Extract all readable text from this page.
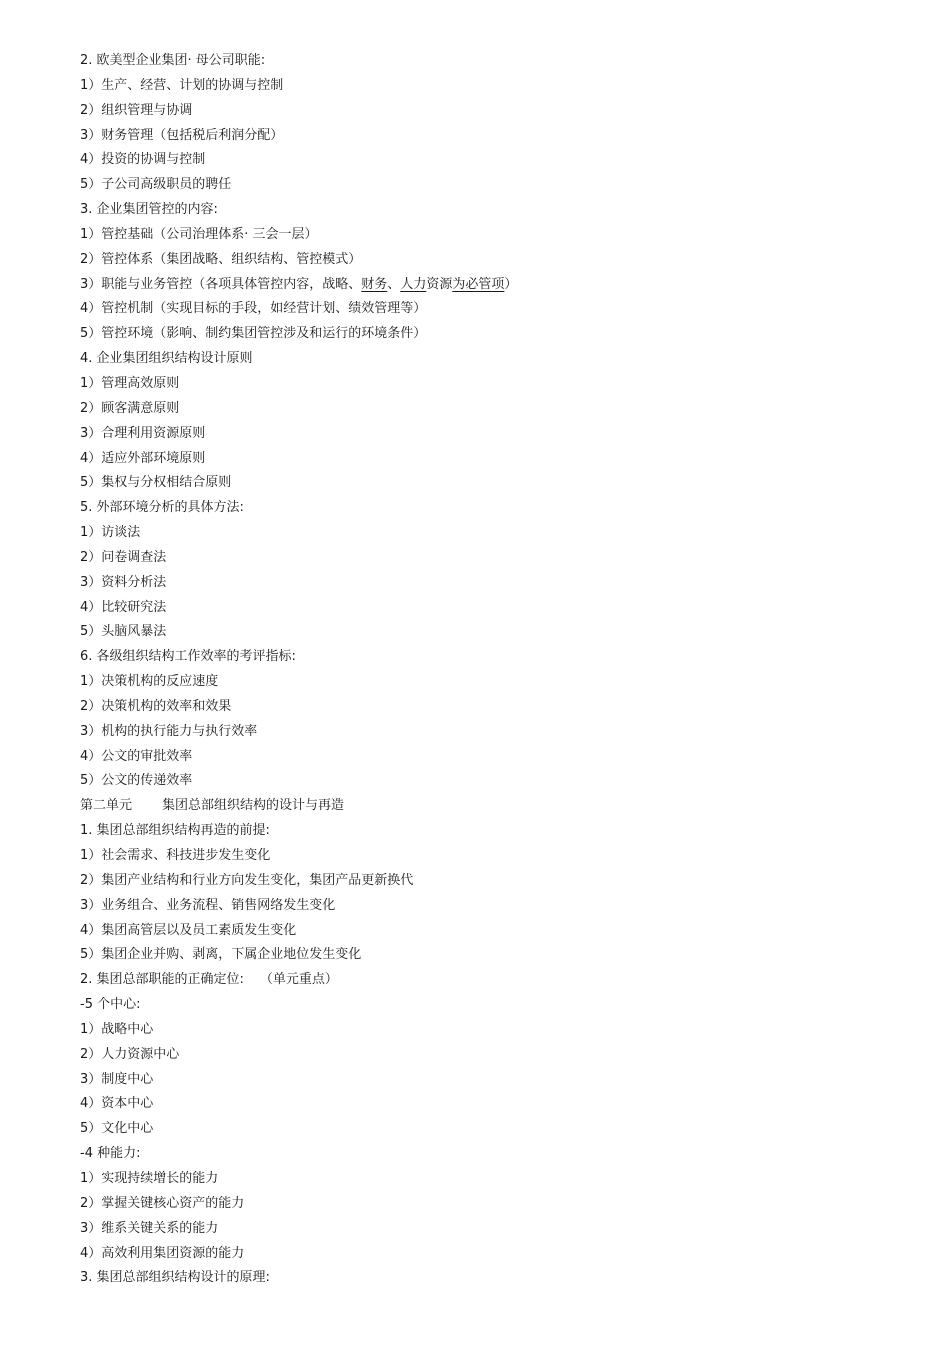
2. 欧美型企业集团· 母公司职能:
1）生产、经营、计划的协调与控制
2）组织管理与协调
3）财务管理（包括税后利润分配）
4）投资的协调与控制
5）子公司高级职员的聘任
3. 企业集团管控的内容:
1）管控基础（公司治理体系· 三会一层）
2）管控体系（集团战略、组织结构、管控模式）
3）职能与业务管控（各项具体管控内容，战略、财务、人力资源为必管项）
4）管控机制（实现目标的手段，如经营计划、绩效管理等）
5）管控环境（影响、制约集团管控涉及和运行的环境条件）
4. 企业集团组织结构设计原则
1）管理高效原则
2）顾客满意原则
3）合理利用资源原则
4）适应外部环境原则
5）集权与分权相结合原则
5. 外部环境分析的具体方法:
1）访谈法
2）问卷调查法
3）资料分析法
4）比较研究法
5）头脑风暴法
6. 各级组织结构工作效率的考评指标:
1）决策机构的反应速度
2）决策机构的效率和效果
3）机构的执行能力与执行效率
4）公文的审批效率
5）公文的传递效率
第二单元 集团总部组织结构的设计与再造
1. 集团总部组织结构再造的前提:
1）社会需求、科技进步发生变化
2）集团产业结构和行业方向发生变化，集团产品更新换代
3）业务组合、业务流程、销售网络发生变化
4）集团高管层以及员工素质发生变化
5）集团企业并购、剥离，下属企业地位发生变化
2. 集团总部职能的正确定位: （单元重点）
-5 个中心:
1）战略中心
2）人力资源中心
3）制度中心
4）资本中心
5）文化中心
-4 种能力:
1）实现持续增长的能力
2）掌握关键核心资产的能力
3）维系关键关系的能力
4）高效利用集团资源的能力
3. 集团总部组织结构设计的原理:
